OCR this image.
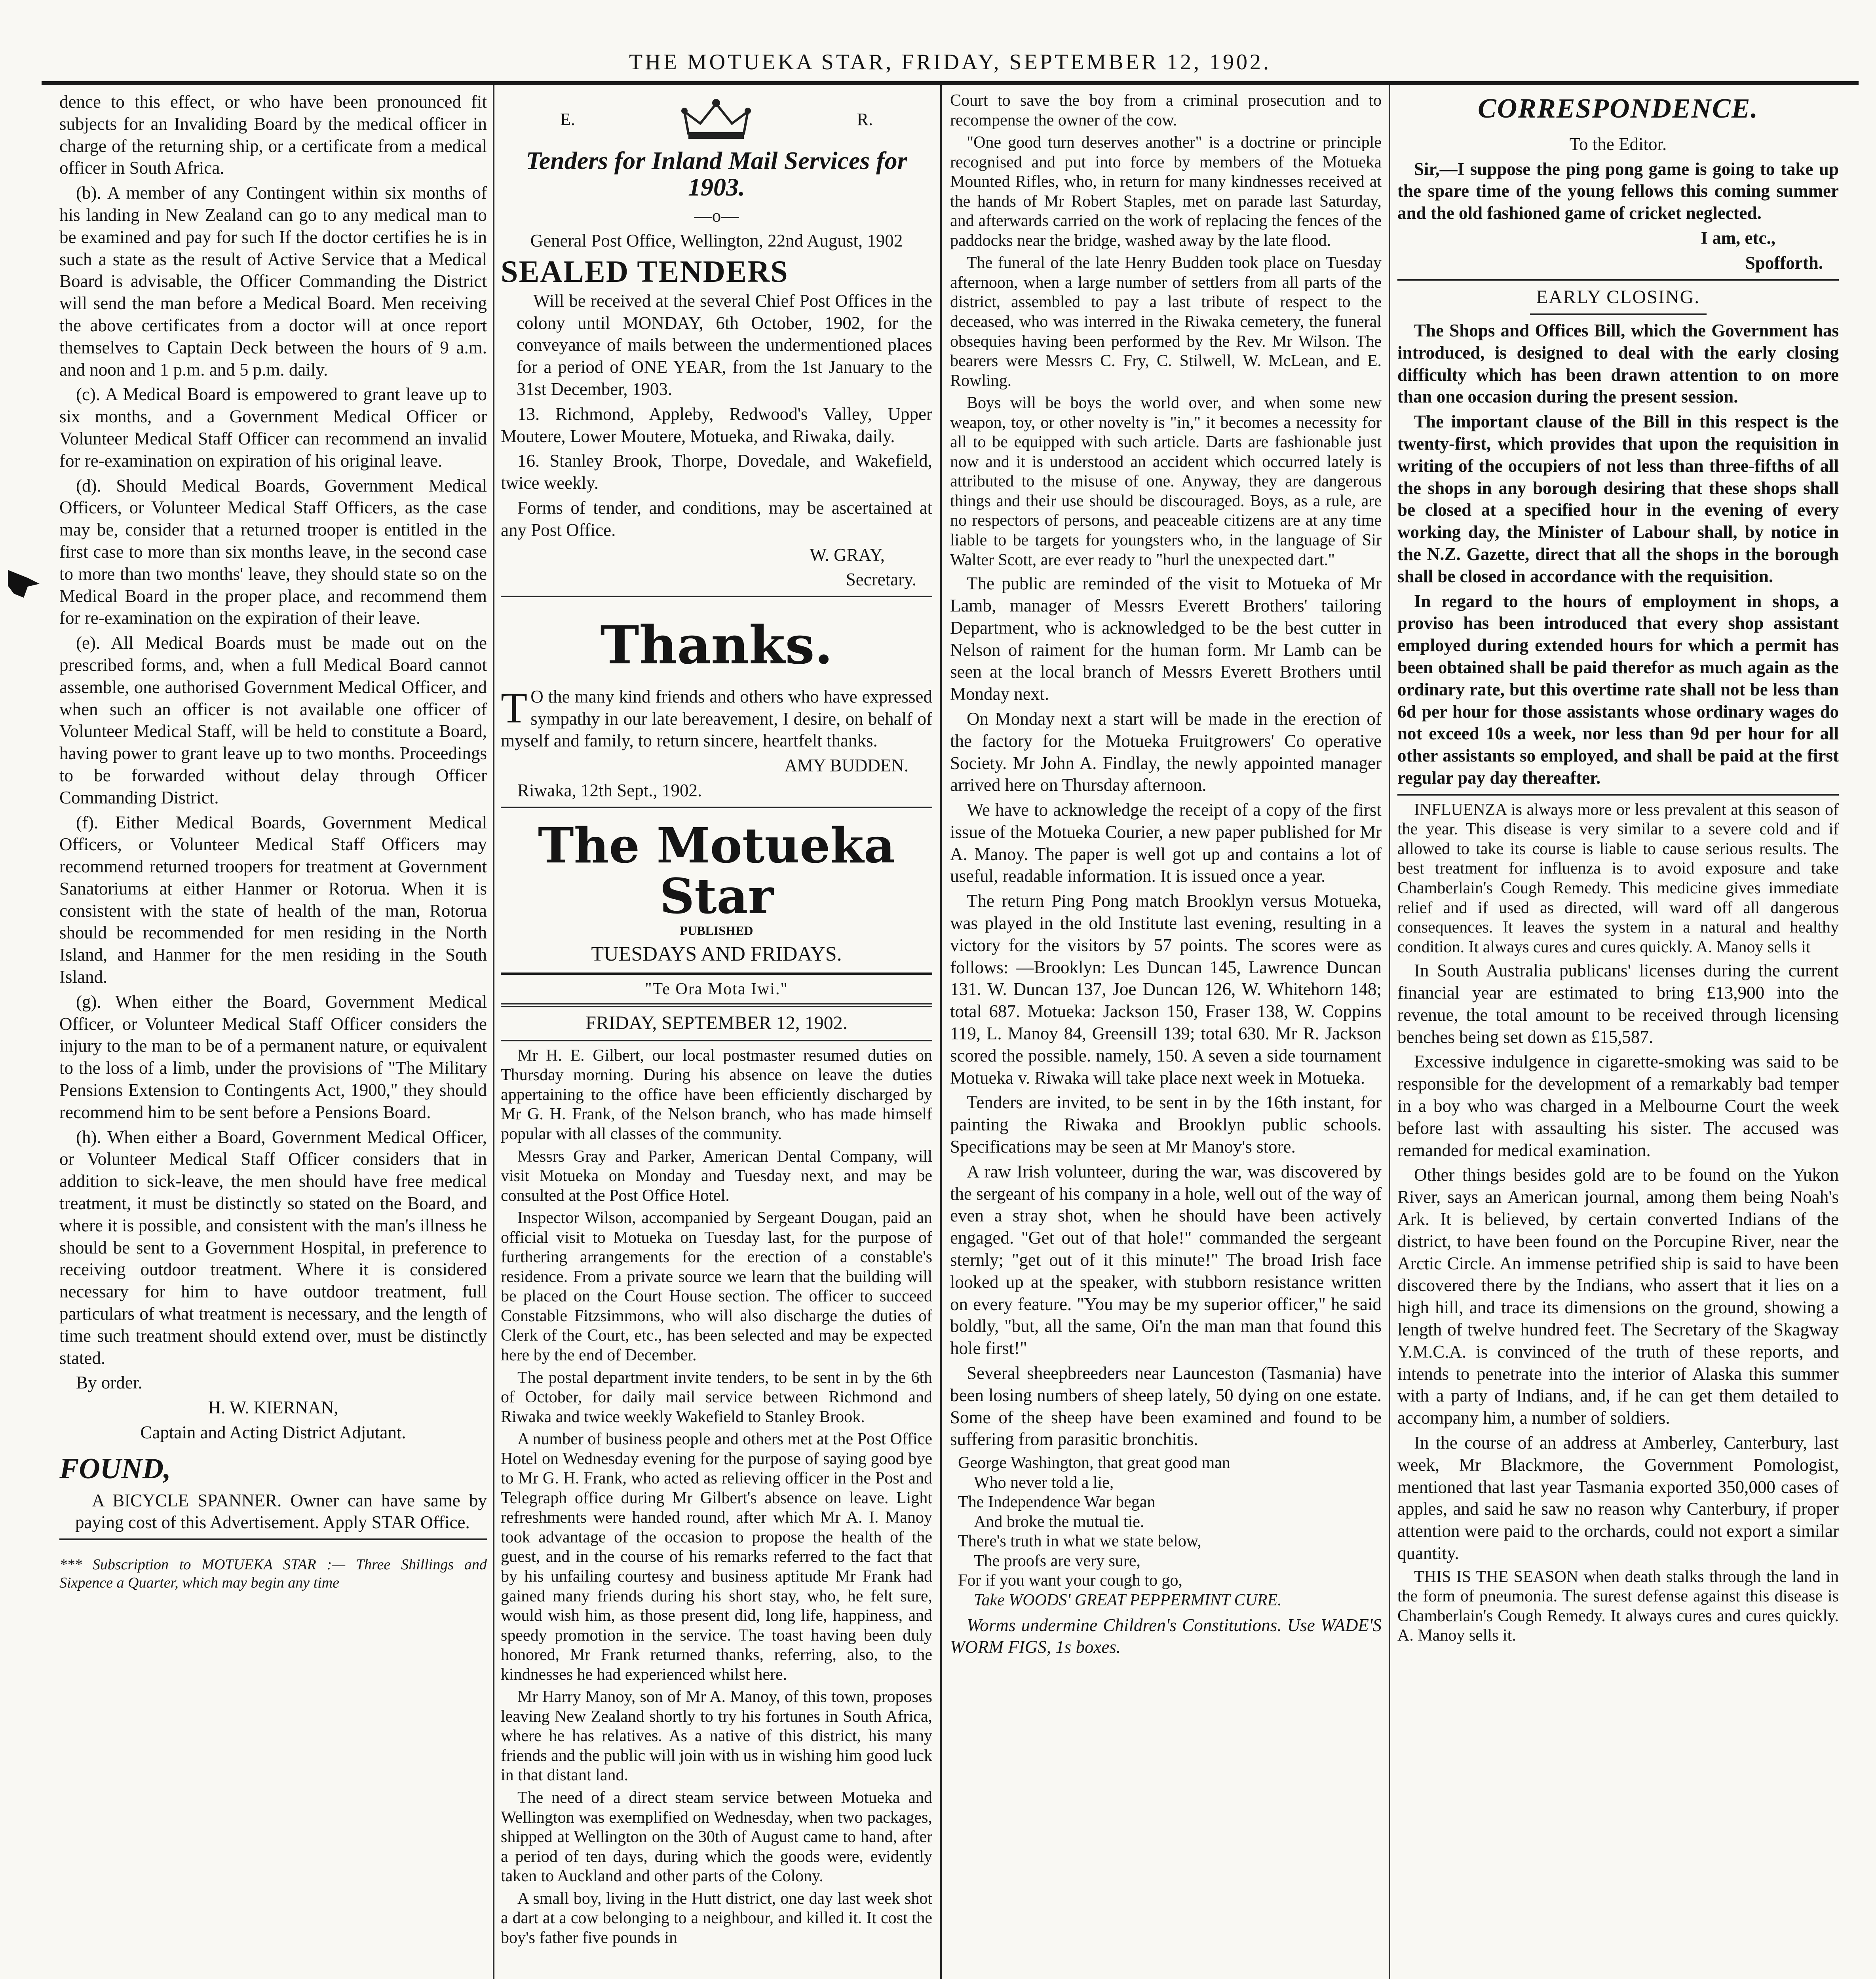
THE MOTUEKA STAR, FRIDAY, SEPTEMBER 12, 1902.

dence to this effect, or who have been pronounced fit subjects for an Invaliding Board by the medical officer in charge of the returning ship, or a certificate from a medical officer in South Africa.

(b). A member of any Contingent within six months of his landing in New Zealand can go to any medical man to be examined and pay for such If the doctor certifies he is in such a state as the result of Active Service that a Medical Board is advisable, the Officer Commanding the District will send the man before a Medical Board. Men receiving the above certificates from a doctor will at once report themselves to Captain Deck between the hours of 9 a.m. and noon and 1 p.m. and 5 p.m. daily.

(c). A Medical Board is empowered to grant leave up to six months, and a Government Medical Officer or Volunteer Medical Staff Officer can recommend an invalid for re-examination on expiration of his original leave.

(d). Should Medical Boards, Government Medical Officers, or Volunteer Medical Staff Officers, as the case may be, consider that a returned trooper is entitled in the first case to more than six months leave, in the second case to more than two months' leave, they should state so on the Medical Board in the proper place, and recommend them for re-examination on the expiration of their leave.

(e). All Medical Boards must be made out on the prescribed forms, and, when a full Medical Board cannot assemble, one authorised Government Medical Officer, and when such an officer is not available one officer of Volunteer Medical Staff, will be held to constitute a Board, having power to grant leave up to two months. Proceedings to be forwarded without delay through Officer Commanding District.

(f). Either Medical Boards, Government Medical Officers, or Volunteer Medical Staff Officers may recommend returned troopers for treatment at Government Sanatoriums at either Hanmer or Rotorua. When it is consistent with the state of health of the man, Rotorua should be recommended for men residing in the North Island, and Hanmer for the men residing in the South Island.

(g). When either the Board, Government Medical Officer, or Volunteer Medical Staff Officer considers the injury to the man to be of a permanent nature, or equivalent to the loss of a limb, under the provisions of "The Military Pensions Extension to Contingents Act, 1900," they should recommend him to be sent before a Pensions Board.

(h). When either a Board, Government Medical Officer, or Volunteer Medical Staff Officer considers that in addition to sick-leave, the men should have free medical treatment, it must be distinctly so stated on the Board, and where it is possible, and consistent with the man's illness he should be sent to a Government Hospital, in preference to receiving outdoor treatment. Where it is considered necessary for him to have outdoor treatment, full particulars of what treatment is necessary, and the length of time such treatment should extend over, must be distinctly stated.

By order.

H. W. KIERNAN,

Captain and Acting District Adjutant.

FOUND,

A BICYCLE SPANNER. Owner can have same by paying cost of this Advertisement. Apply STAR Office.

*** Subscription to MOTUEKA STAR :— Three Shillings and Sixpence a Quarter, which may begin any time

E.	R.
Tenders for Inland Mail Services for 1903.

—o—

General Post Office, Wellington, 22nd August, 1902

SEALED TENDERS

Will be received at the several Chief Post Offices in the colony until MONDAY, 6th October, 1902, for the conveyance of mails between the undermentioned places for a period of ONE YEAR, from the 1st January to the 31st December, 1903.

13. Richmond, Appleby, Redwood's Valley, Upper Moutere, Lower Moutere, Motueka, and Riwaka, daily.

16. Stanley Brook, Thorpe, Dovedale, and Wakefield, twice weekly.

Forms of tender, and conditions, may be ascertained at any Post Office.

W. GRAY,

Secretary.

Thanks.

T O the many kind friends and others who have expressed sympathy in our late bereavement, I desire, on behalf of myself and family, to return sincere, heartfelt thanks.

AMY BUDDEN.

Riwaka, 12th Sept., 1902.

The Motueka Star

PUBLISHED

TUESDAYS AND FRIDAYS.

"Te Ora Mota Iwi."

FRIDAY, SEPTEMBER 12, 1902.

Mr H. E. Gilbert, our local postmaster resumed duties on Thursday morning. During his absence on leave the duties appertaining to the office have been efficiently discharged by Mr G. H. Frank, of the Nelson branch, who has made himself popular with all classes of the community.

Messrs Gray and Parker, American Dental Company, will visit Motueka on Monday and Tuesday next, and may be consulted at the Post Office Hotel.

Inspector Wilson, accompanied by Sergeant Dougan, paid an official visit to Motueka on Tuesday last, for the purpose of furthering arrangements for the erection of a constable's residence. From a private source we learn that the building will be placed on the Court House section. The officer to succeed Constable Fitzsimmons, who will also discharge the duties of Clerk of the Court, etc., has been selected and may be expected here by the end of December.

The postal department invite tenders, to be sent in by the 6th of October, for daily mail service between Richmond and Riwaka and twice weekly Wakefield to Stanley Brook.

A number of business people and others met at the Post Office Hotel on Wednesday evening for the purpose of saying good bye to Mr G. H. Frank, who acted as relieving officer in the Post and Telegraph office during Mr Gilbert's absence on leave. Light refreshments were handed round, after which Mr A. I. Manoy took advantage of the occasion to propose the health of the guest, and in the course of his remarks referred to the fact that by his unfailing courtesy and business aptitude Mr Frank had gained many friends during his short stay, who, he felt sure, would wish him, as those present did, long life, happiness, and speedy promotion in the service. The toast having been duly honored, Mr Frank returned thanks, referring, also, to the kindnesses he had experienced whilst here.

Mr Harry Manoy, son of Mr A. Manoy, of this town, proposes leaving New Zealand shortly to try his fortunes in South Africa, where he has relatives. As a native of this district, his many friends and the public will join with us in wishing him good luck in that distant land.

The need of a direct steam service between Motueka and Wellington was exemplified on Wednesday, when two packages, shipped at Wellington on the 30th of August came to hand, after a period of ten days, during which the goods were, evidently taken to Auckland and other parts of the Colony.

A small boy, living in the Hutt district, one day last week shot a dart at a cow belonging to a neighbour, and killed it. It cost the boy's father five pounds in

Court to save the boy from a criminal prosecution and to recompense the owner of the cow.

"One good turn deserves another" is a doctrine or principle recognised and put into force by members of the Motueka Mounted Rifles, who, in return for many kindnesses received at the hands of Mr Robert Staples, met on parade last Saturday, and afterwards carried on the work of replacing the fences of the paddocks near the bridge, washed away by the late flood.

The funeral of the late Henry Budden took place on Tuesday afternoon, when a large number of settlers from all parts of the district, assembled to pay a last tribute of respect to the deceased, who was interred in the Riwaka cemetery, the funeral obsequies having been performed by the Rev. Mr Wilson. The bearers were Messrs C. Fry, C. Stilwell, W. McLean, and E. Rowling.

Boys will be boys the world over, and when some new weapon, toy, or other novelty is "in," it becomes a necessity for all to be equipped with such article. Darts are fashionable just now and it is understood an accident which occurred lately is attributed to the misuse of one. Anyway, they are dangerous things and their use should be discouraged. Boys, as a rule, are no respectors of persons, and peaceable citizens are at any time liable to be targets for youngsters who, in the language of Sir Walter Scott, are ever ready to "hurl the unexpected dart."

The public are reminded of the visit to Motueka of Mr Lamb, manager of Messrs Everett Brothers' tailoring Department, who is acknowledged to be the best cutter in Nelson of raiment for the human form. Mr Lamb can be seen at the local branch of Messrs Everett Brothers until Monday next.

On Monday next a start will be made in the erection of the factory for the Motueka Fruitgrowers' Co operative Society. Mr John A. Findlay, the newly appointed manager arrived here on Thursday afternoon.

We have to acknowledge the receipt of a copy of the first issue of the Motueka Courier, a new paper published for Mr A. Manoy. The paper is well got up and contains a lot of useful, readable information. It is issued once a year.

The return Ping Pong match Brooklyn versus Motueka, was played in the old Institute last evening, resulting in a victory for the visitors by 57 points. The scores were as follows: —Brooklyn: Les Duncan 145, Lawrence Duncan 131. W. Duncan 137, Joe Duncan 126, W. Whitehorn 148; total 687. Motueka: Jackson 150, Fraser 138, W. Coppins 119, L. Manoy 84, Greensill 139; total 630. Mr R. Jackson scored the possible. namely, 150. A seven a side tournament Motueka v. Riwaka will take place next week in Motueka.

Tenders are invited, to be sent in by the 16th instant, for painting the Riwaka and Brooklyn public schools. Specifications may be seen at Mr Manoy's store.

A raw Irish volunteer, during the war, was discovered by the sergeant of his company in a hole, well out of the way of even a stray shot, when he should have been actively engaged. "Get out of that hole!" commanded the sergeant sternly; "get out of it this minute!" The broad Irish face looked up at the speaker, with stubborn resistance written on every feature. "You may be my superior officer," he said boldly, "but, all the same, Oi'n the man man that found this hole first!"

Several sheepbreeders near Launceston (Tasmania) have been losing numbers of sheep lately, 50 dying on one estate. Some of the sheep have been examined and found to be suffering from parasitic bronchitis.

George Washington, that great good man

Who never told a lie,

The Independence War began

And broke the mutual tie.

There's truth in what we state below,

The proofs are very sure,

For if you want your cough to go,

Take WOODS' GREAT PEPPERMINT CURE.

Worms undermine Children's Constitutions. Use WADE'S WORM FIGS, 1s boxes.

CORRESPONDENCE.

To the Editor.

Sir,—I suppose the ping pong game is going to take up the spare time of the young fellows this coming summer and the old fashioned game of cricket neglected.

I am, etc.,

Spofforth.

EARLY CLOSING.

The Shops and Offices Bill, which the Government has introduced, is designed to deal with the early closing difficulty which has been drawn attention to on more than one occasion during the present session.

The important clause of the Bill in this respect is the twenty-first, which provides that upon the requisition in writing of the occupiers of not less than three-fifths of all the shops in any borough desiring that these shops shall be closed at a specified hour in the evening of every working day, the Minister of Labour shall, by notice in the N.Z. Gazette, direct that all the shops in the borough shall be closed in accordance with the requisition.

In regard to the hours of employment in shops, a proviso has been introduced that every shop assistant employed during extended hours for which a permit has been obtained shall be paid therefor as much again as the ordinary rate, but this overtime rate shall not be less than 6d per hour for those assistants whose ordinary wages do not exceed 10s a week, nor less than 9d per hour for all other assistants so employed, and shall be paid at the first regular pay day thereafter.

INFLUENZA is always more or less prevalent at this season of the year. This disease is very similar to a severe cold and if allowed to take its course is liable to cause serious results. The best treatment for influenza is to avoid exposure and take Chamberlain's Cough Remedy. This medicine gives immediate relief and if used as directed, will ward off all dangerous consequences. It leaves the system in a natural and healthy condition. It always cures and cures quickly. A. Manoy sells it

In South Australia publicans' licenses during the current financial year are estimated to bring £13,900 into the revenue, the total amount to be received through licensing benches being set down as £15,587.

Excessive indulgence in cigarette-smoking was said to be responsible for the development of a remarkably bad temper in a boy who was charged in a Melbourne Court the week before last with assaulting his sister. The accused was remanded for medical examination.

Other things besides gold are to be found on the Yukon River, says an American journal, among them being Noah's Ark. It is believed, by certain converted Indians of the district, to have been found on the Porcupine River, near the Arctic Circle. An immense petrified ship is said to have been discovered there by the Indians, who assert that it lies on a high hill, and trace its dimensions on the ground, showing a length of twelve hundred feet. The Secretary of the Skagway Y.M.C.A. is convinced of the truth of these reports, and intends to penetrate into the interior of Alaska this summer with a party of Indians, and, if he can get them detailed to accompany him, a number of soldiers.

In the course of an address at Amberley, Canterbury, last week, Mr Blackmore, the Government Pomologist, mentioned that last year Tasmania exported 350,000 cases of apples, and said he saw no reason why Canterbury, if proper attention were paid to the orchards, could not export a similar quantity.

THIS IS THE SEASON when death stalks through the land in the form of pneumonia. The surest defense against this disease is Chamberlain's Cough Remedy. It always cures and cures quickly. A. Manoy sells it.
